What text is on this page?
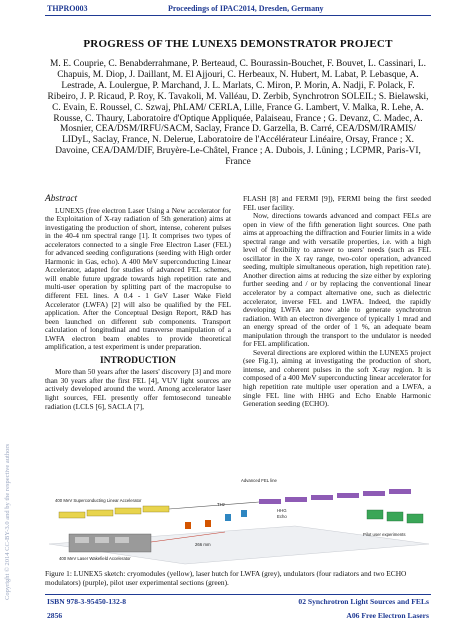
THPRO003	Proceedings of IPAC2014, Dresden, Germany
PROGRESS OF THE LUNEX5 DEMONSTRATOR PROJECT
M. E. Couprie, C. Benabderrahmane, P. Berteaud, C. Bourassin-Bouchet, F. Bouvet, L. Cassinari, L. Chapuis, M. Diop, J. Daillant, M. El Ajjouri, C. Herbeaux, N. Hubert, M. Labat, P. Lebasque, A. Lestrade, A. Loulergue, P. Marchand, J. L. Marlats, C. Miron, P. Morin, A. Nadji, F. Polack, F. Ribeiro, J. P. Ricaud, P. Roy, K. Tavakoli, M. Valléau, D. Zerbib, Synchrotron SOLEIL; S. Bielawski, C. Evain, E. Roussel, C. Szwaj, PhLAM/ CERLA, Lille, France G. Lambert, V. Malka, R. Lehe, A. Rousse, C. Thaury, Laboratoire d'Optique Appliquée, Palaiseau, France ; G. Devanz, C. Madec, A. Mosnier, CEA/DSM/IRFU/SACM, Saclay, France D. Garzella, B. Carré, CEA/DSM/IRAMIS/ LIDyL, Saclay, France, N. Delerue, Laboratoire de l'Accélérateur Linéaire, Orsay, France ; X. Davoine, CEA/DAM/DIF, Bruyère-Le-Châtel, France ; A. Dubois, J. Lüning ; LCPMR, Paris-VI, France
Abstract

LUNEX5 (free electron Laser Using a New accelerator for the Exploitation of X-ray radiation of 5th generation) aims at investigating the production of short, intense, coherent pulses in the 40-4 nm spectral range [1]. It comprises two types of accelerators connected to a single Free Electron Laser (FEL) for advanced seeding configurations (seeding with High order Harmonic in Gas, echo). A 400 MeV superconducting Linear Accelerator, adapted for studies of advanced FEL schemes, will enable future upgrade towards high repetition rate and multi-user operation by splitting part of the macropulse to different FEL lines. A 0.4 - 1 GeV Laser Wake Field Accelerator (LWFA) [2] will also be qualified by the FEL application. After the Conceptual Design Report, R&D has been launched on different sub components. Transport calculation of longitudinal and transverse manipulation of a LWFA electron beam enables to provide theoretical amplification, a test experiment is under preparation.

INTRODUCTION

More than 50 years after the lasers' discovery [3] and more than 30 years after the first FEL [4], VUV light sources are actively developed around the word. Among accelerator laser light sources, FEL presently offer femtosecond tuneable radiation (LCLS [6], SACLA [7],

FLASH [8] and FERMI [9]), FERMI being the first seeded FEL user facility.

Now, directions towards advanced and compact FELs are open in view of the fifth generation light sources. One path aims at approaching the diffraction and Fourier limits in a wide spectral range and with versatile properties, i.e. with a high level of flexibility to answer to users' needs (such as FEL oscillator in the X ray range, two-color operation, advanced seeding, multiple simultaneous operation, high repetition rate). Another direction aims at reducing the size either by exploring further seeding and / or by replacing the conventional linear accelerator by a compact alternative one, such as dielectric accelerator, inverse FEL and LWFA. Indeed, the rapidly developing LWFA are now able to generate synchrotron radiation. With an electron divergence of typically 1 mrad and an energy spread of the order of 1 %, an adequate beam manipulation through the transport to the undulator is needed for FEL amplification.

Several directions are explored within the LUNEX5 project (see Fig.1), aiming at investigating the production of short, intense, and coherent pulses in the soft X-ray region. It is composed of a 400 MeV superconducting linear accelerator for high repetition rate multiple user operation and a LWFA, a single FEL line with HHG and Echo Enable Harmonic Generation seeding (ECHO).

400 MeV Superconducting Linear Accelerator
Advanced FEL line
400 MeV Laser Wakefield Accelerator
266 mm
THz
HHG
Echo
Pilot user experiments
Figure 1: LUNEX5 sketch: cryomodules (yellow), laser hutch for LWFA (grey), undulators (four radiators and two ECHO modulators) (purple), pilot user experimental sections (green).
Copyright © 2014 CC-BY-3.0 and by the respective authors
ISBN 978-3-95450-132-8
2856
02 Synchrotron Light Sources and FELs
A06 Free Electron Lasers
